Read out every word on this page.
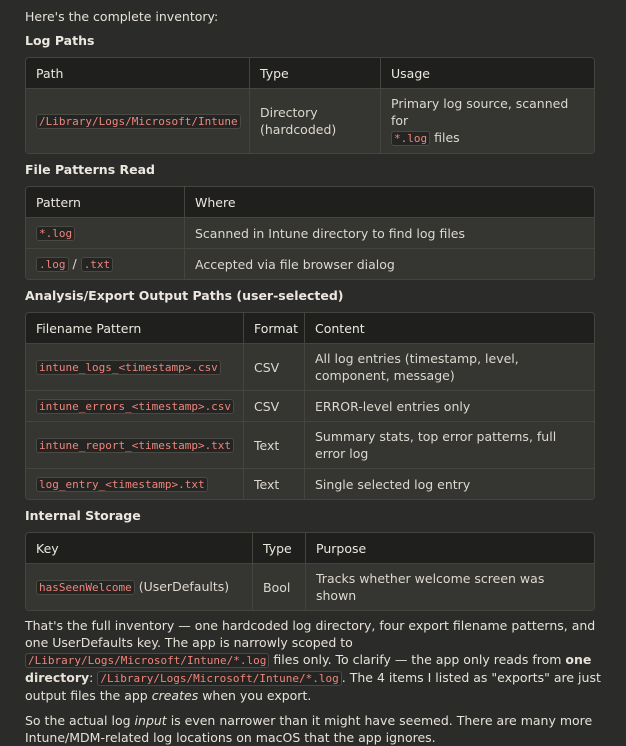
Here's the complete inventory:
Log Paths
Path	Type	Usage
/Library/Logs/Microsoft/Intune	Directory (hardcoded)	Primary log source, scanned for
*.log files
File Patterns Read
Pattern	Where
*.log	Scanned in Intune directory to find log files
.log / .txt	Accepted via file browser dialog
Analysis/Export Output Paths (user-selected)
Filename Pattern	Format	Content
intune_logs_<timestamp>.csv	CSV	All log entries (timestamp, level, component, message)
intune_errors_<timestamp>.csv	CSV	ERROR-level entries only
intune_report_<timestamp>.txt	Text	Summary stats, top error patterns, full error log
log_entry_<timestamp>.txt	Text	Single selected log entry
Internal Storage
Key	Type	Purpose
hasSeenWelcome (UserDefaults)	Bool	Tracks whether welcome screen was shown

That's the full inventory — one hardcoded log directory, four export filename patterns, and one UserDefaults key. The app is narrowly scoped to /Library/Logs/Microsoft/Intune/*.log files only. To clarify — the app only reads from one directory: /Library/Logs/Microsoft/Intune/*.log . The 4 items I listed as "exports" are just output files the app creates when you export.

So the actual log input is even narrower than it might have seemed. There are many more Intune/MDM-related log locations on macOS that the app ignores.
